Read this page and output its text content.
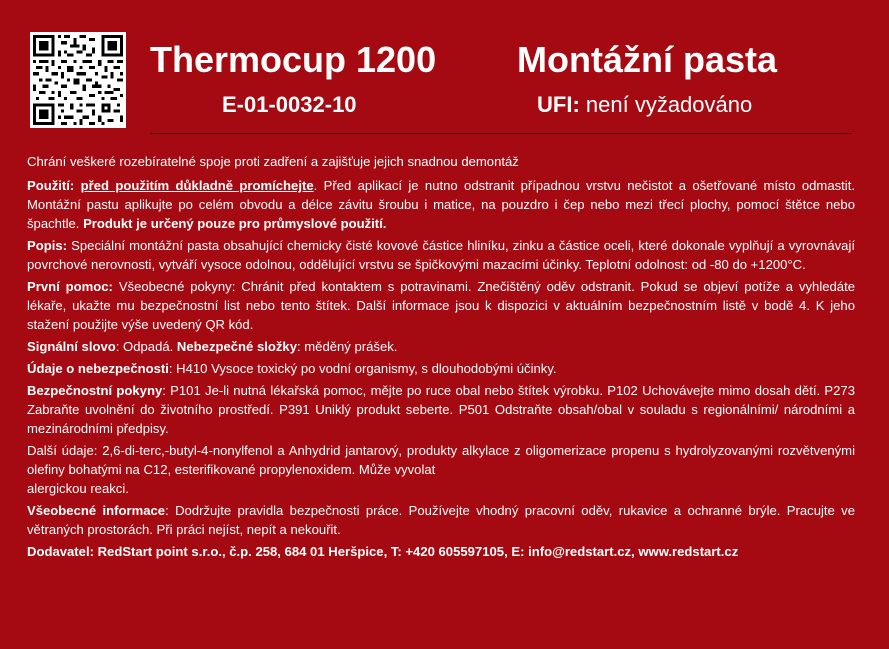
Thermocup 1200 Montážní pasta
E-01-0032-10	UFI: není vyžadováno

Chrání veškeré rozebíratelné spoje proti zadření a zajišťuje jejich snadnou demontáž

Použití: před použitím důkladně promíchejte. Před aplikací je nutno odstranit případnou vrstvu nečistot a ošetřované místo odmastit. Montážní pastu aplikujte po celém obvodu a délce závitu šroubu i matice, na pouzdro i čep nebo mezi třecí plochy, pomocí štětce nebo špachtle. Produkt je určený pouze pro průmyslové použití.

Popis: Speciální montážní pasta obsahující chemicky čisté kovové částice hliníku, zinku a částice oceli, které dokonale vyplňují a vyrovnávají povrchové nerovnosti, vytváří vysoce odolnou, oddělující vrstvu se špičkovými mazacími účinky. Teplotní odolnost: od -80 do +1200°C.

První pomoc: Všeobecné pokyny: Chránit před kontaktem s potravinami. Znečištěný oděv odstranit. Pokud se objeví potíže a vyhledáte lékaře, ukažte mu bezpečnostní list nebo tento štítek. Další informace jsou k dispozici v aktuálním bezpečnostním listě v bodě 4. K jeho stažení použijte výše uvedený QR kód.

Signální slovo: Odpadá. Nebezpečné složky: měděný prášek.

Údaje o nebezpečnosti: H410 Vysoce toxický po vodní organismy, s dlouhodobými účinky.

Bezpečnostní pokyny: P101 Je-li nutná lékařská pomoc, mějte po ruce obal nebo štítek výrobku. P102 Uchovávejte mimo dosah dětí. P273 Zabraňte uvolnění do životního prostředí. P391 Uniklý produkt seberte. P501 Odstraňte obsah/obal v souladu s regionálními/ národními a mezinárodními předpisy.

Další údaje: 2,6-di-terc,-butyl-4-nonylfenol a Anhydrid jantarový, produkty alkylace z oligomerizace propenu s hydrolyzovanými rozvětvenými olefiny bohatými na C12, esterifikované propylenoxidem. Může vyvolat

alergickou reakci.

Všeobecné informace: Dodržujte pravidla bezpečnosti práce. Používejte vhodný pracovní oděv, rukavice a ochranné brýle. Pracujte ve větraných prostorách. Při práci nejíst, nepít a nekouřit.

Dodavatel: RedStart point s.r.o., č.p. 258, 684 01 Heršpice, T: +420 605597105, E: info@redstart.cz, www.redstart.cz
